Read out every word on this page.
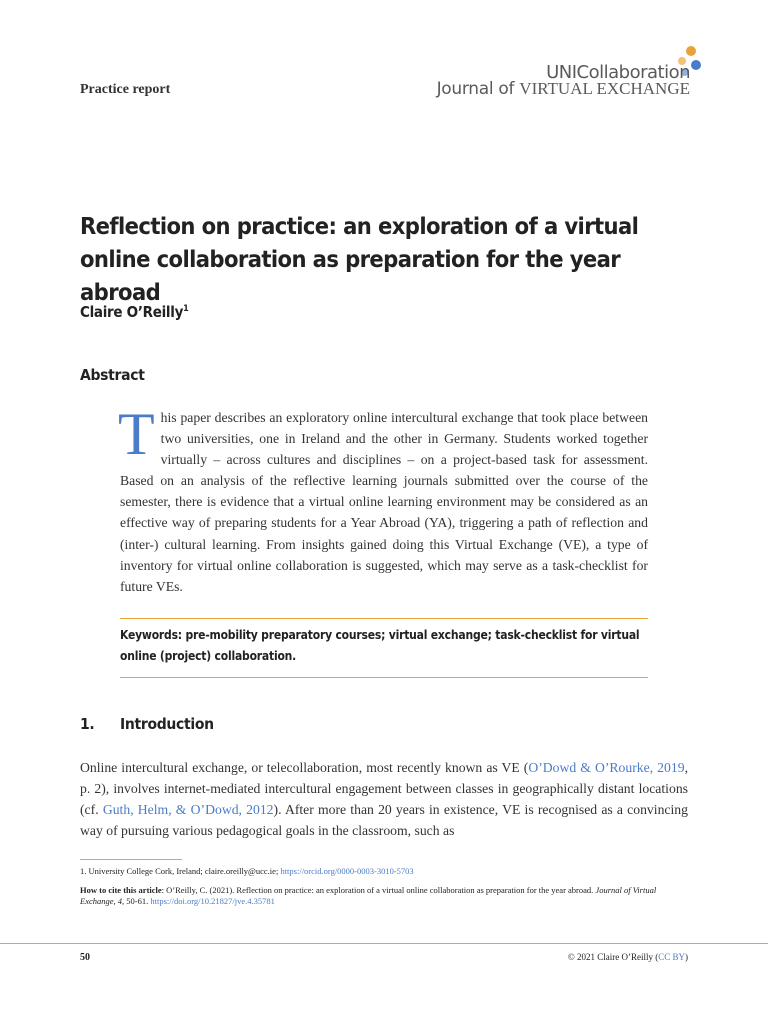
Practice report
UNICollaboration
Journal of VIRTUAL EXCHANGE
Reflection on practice: an exploration of a virtual online collaboration as preparation for the year abroad
Claire O’Reilly$^1$
Abstract
This paper describes an exploratory online intercultural exchange that took place between two universities, one in Ireland and the other in Germany. Students worked together virtually – across cultures and disciplines – on a project-based task for assessment. Based on an analysis of the reflective learning journals submitted over the course of the semester, there is evidence that a virtual online learning environment may be considered as an effective way of preparing students for a Year Abroad (YA), triggering a path of reflection and (inter-) cultural learning. From insights gained doing this Virtual Exchange (VE), a type of inventory for virtual online collaboration is suggested, which may serve as a task-checklist for future VEs.
Keywords: pre-mobility preparatory courses; virtual exchange; task-checklist for virtual online (project) collaboration.
1. Introduction
Online intercultural exchange, or telecollaboration, most recently known as VE (O’Dowd & O’Rourke, 2019, p. 2), involves internet-mediated intercultural engagement between classes in geographically distant locations (cf. Guth, Helm, & O’Dowd, 2012). After more than 20 years in existence, VE is recognised as a convincing way of pursuing various pedagogical goals in the classroom, such as
1. University College Cork, Ireland; claire.oreilly@ucc.ie; https://orcid.org/0000-0003-3010-5703
How to cite this article: O’Reilly, C. (2021). Reflection on practice: an exploration of a virtual online collaboration as preparation for the year abroad. Journal of Virtual Exchange, 4, 50-61. https://doi.org/10.21827/jve.4.35781
50	© 2021 Claire O’Reilly (CC BY)
